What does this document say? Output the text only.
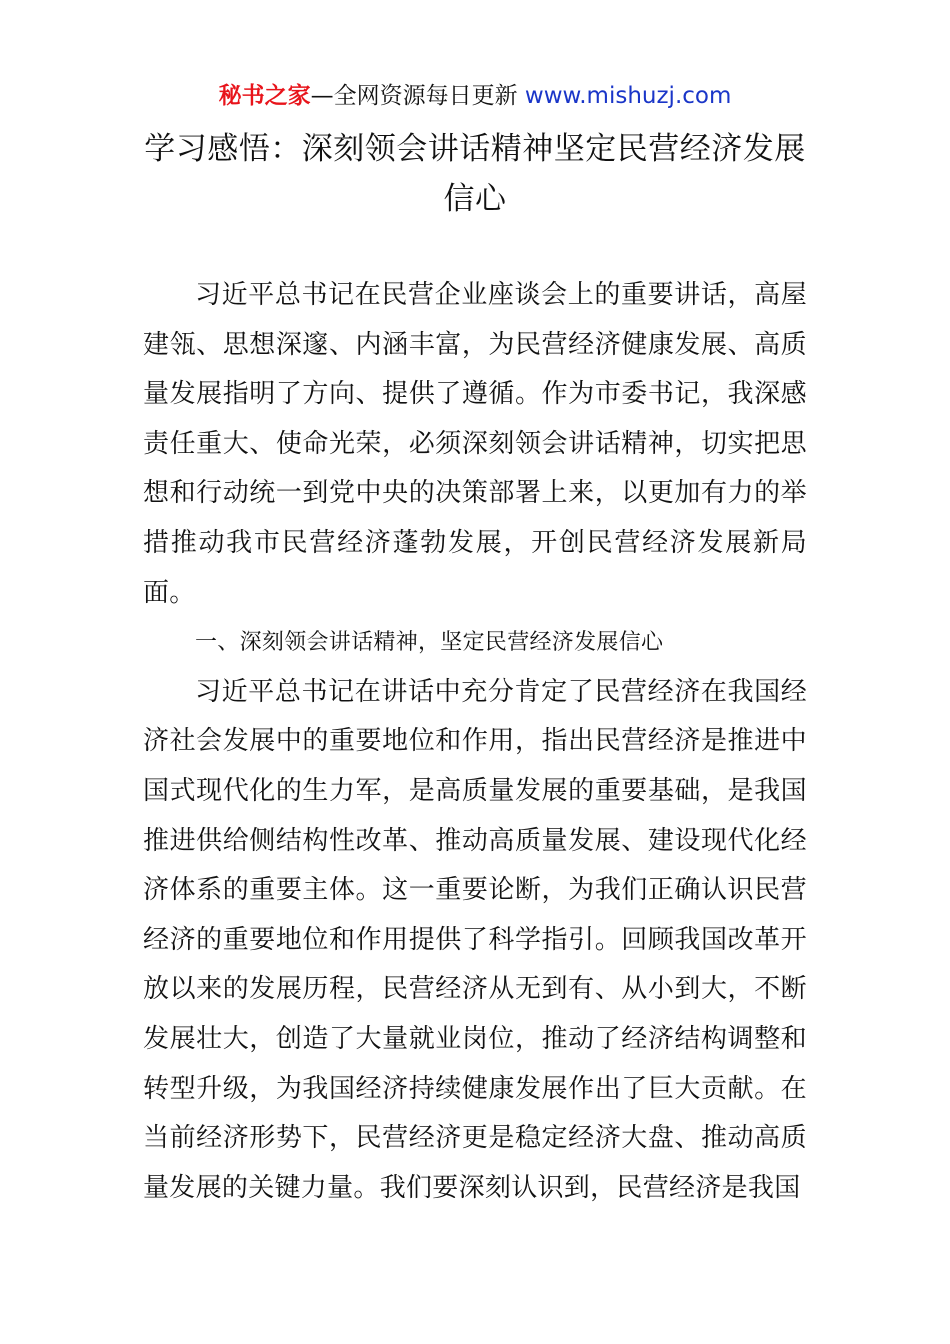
秘书之家—全网资源每日更新 www.mishuzj.com
学习感悟：深刻领会讲话精神坚定民营经济发展信心

习近平总书记在民营企业座谈会上的重要讲话，高屋建瓴、思想深邃、内涵丰富，为民营经济健康发展、高质量发展指明了方向、提供了遵循。作为市委书记，我深感责任重大、使命光荣，必须深刻领会讲话精神，切实把思想和行动统一到党中央的决策部署上来，以更加有力的举措推动我市民营经济蓬勃发展，开创民营经济发展新局面。

一、深刻领会讲话精神，坚定民营经济发展信心

习近平总书记在讲话中充分肯定了民营经济在我国经济社会发展中的重要地位和作用，指出民营经济是推进中国式现代化的生力军，是高质量发展的重要基础，是我国推进供给侧结构性改革、推动高质量发展、建设现代化经济体系的重要主体。这一重要论断，为我们正确认识民营经济的重要地位和作用提供了科学指引。回顾我国改革开放以来的发展历程，民营经济从无到有、从小到大，不断发展壮大，创造了大量就业岗位，推动了经济结构调整和转型升级，为我国经济持续健康发展作出了巨大贡献。在当前经济形势下，民营经济更是稳定经济大盘、推动高质量发展的关键力量。我们要深刻认识到，民营经济是我国
